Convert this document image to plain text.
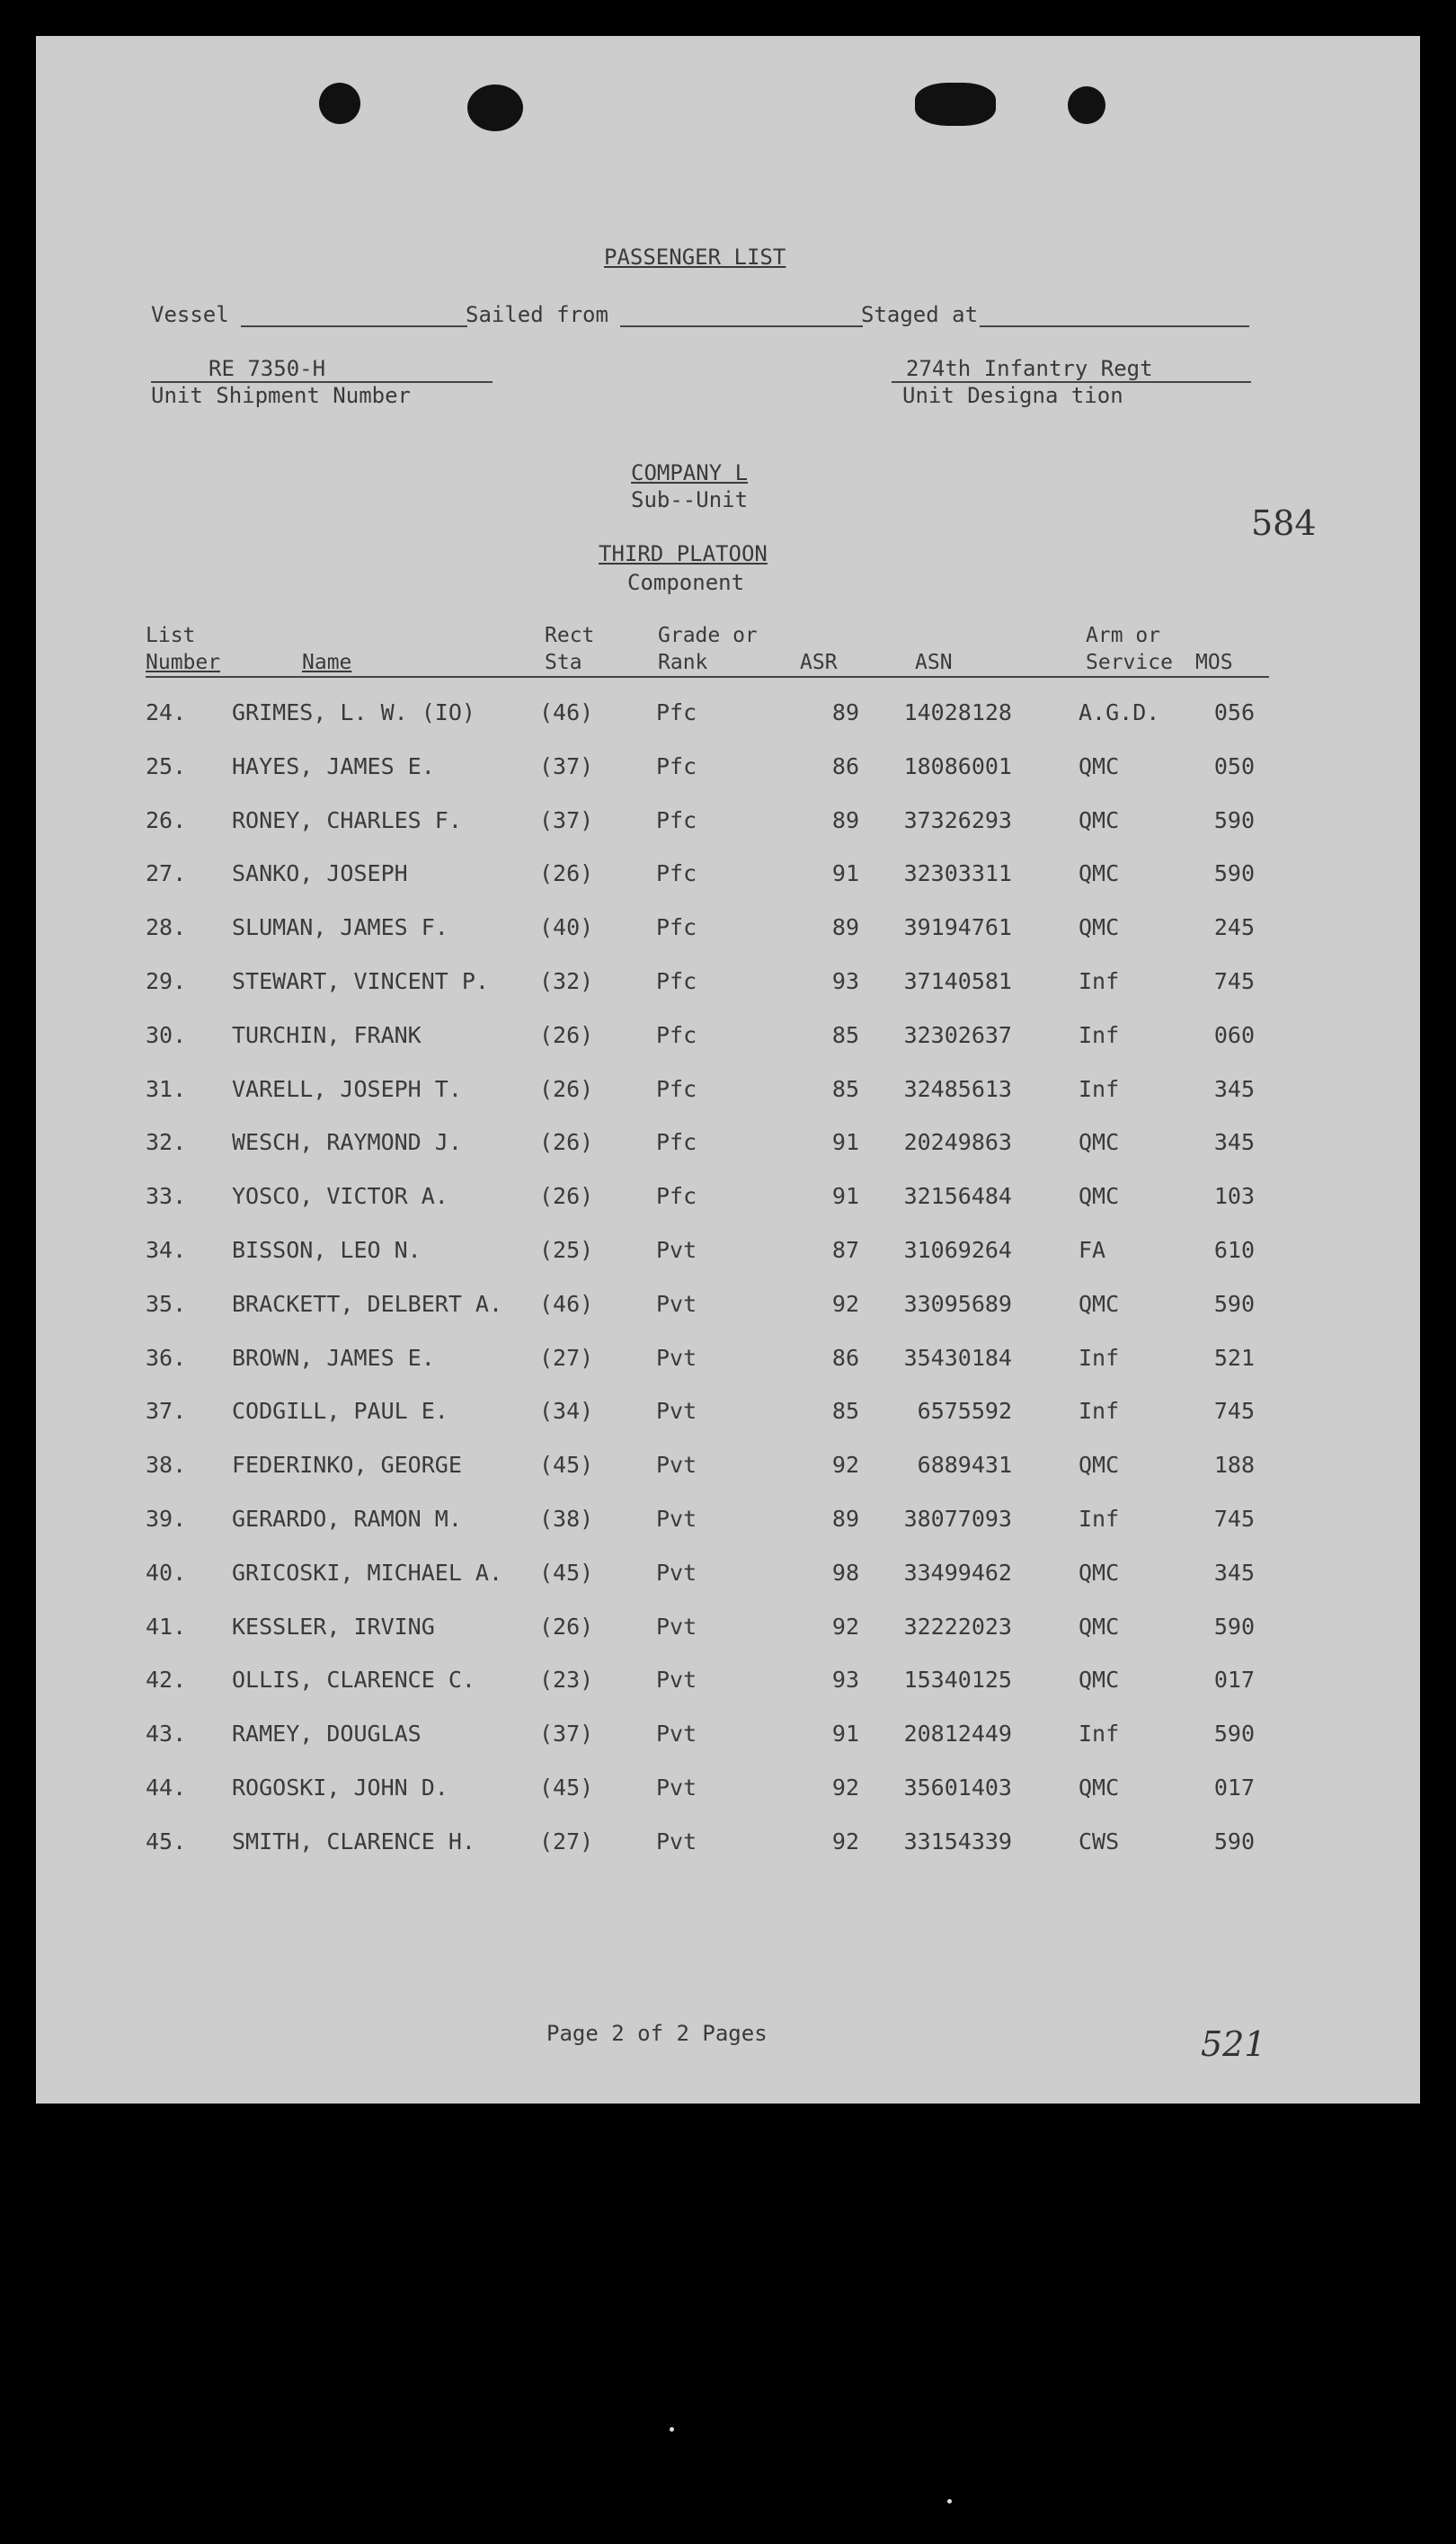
PASSENGER LIST
Vessel	Sailed from	Staged at
RE 7350-H
Unit Shipment Number
274th Infantry Regt
Unit Designa tion
COMPANY L
Sub--Unit
584
THIRD PLATOON
Component
List
Number
	Name
Rect
Sta
Grade or
Rank
	ASR
	ASN
Arm or
Service
MOS
24. GRIMES, L. W. (IO)	(46)	Pfc	89	14028128	A.G.D.	056
25. HAYES, JAMES E.	(37)	Pfc	86	18086001	QMC	050
26. RONEY, CHARLES F.	(37)	Pfc	89	37326293	QMC	590
27. SANKO, JOSEPH	(26)	Pfc	91	32303311	QMC	590
28. SLUMAN, JAMES F.	(40)	Pfc	89	39194761	QMC	245
29. STEWART, VINCENT P. (32)	Pfc	93	37140581	Inf	745
30. TURCHIN, FRANK	(26)	Pfc	85	32302637	Inf	060
31. VARELL, JOSEPH T.	(26)	Pfc	85	32485613	Inf	345
32. WESCH, RAYMOND J.	(26)	Pfc	91	20249863	QMC	345
33. YOSCO, VICTOR A.	(26)	Pfc	91	32156484	QMC	103
34. BISSON, LEO N.	(25)	Pvt	87	31069264	FA	610
35. BRACKETT, DELBERT A. (46)	Pvt	92	33095689	QMC	590
36. BROWN, JAMES E.	(27)	Pvt	86	35430184	Inf	521
37. CODGILL, PAUL E.	(34)	Pvt	85	6575592	Inf	745
38. FEDERINKO, GEORGE	(45)	Pvt	92	6889431	QMC	188
39. GERARDO, RAMON M.	(38)	Pvt	89	38077093	Inf	745
40. GRICOSKI, MICHAEL A. (45)	Pvt	98	33499462	QMC	345
41. KESSLER, IRVING	(26)	Pvt	92	32222023	QMC	590
42. OLLIS, CLARENCE C.	(23)	Pvt	93	15340125	QMC	017
43. RAMEY, DOUGLAS	(37)	Pvt	91	20812449	Inf	590
44. ROGOSKI, JOHN D.	(45)	Pvt	92	35601403	QMC	017
45. SMITH, CLARENCE H.	(27)	Pvt	92	33154339	CWS	590
Page 2 of 2 Pages	521
